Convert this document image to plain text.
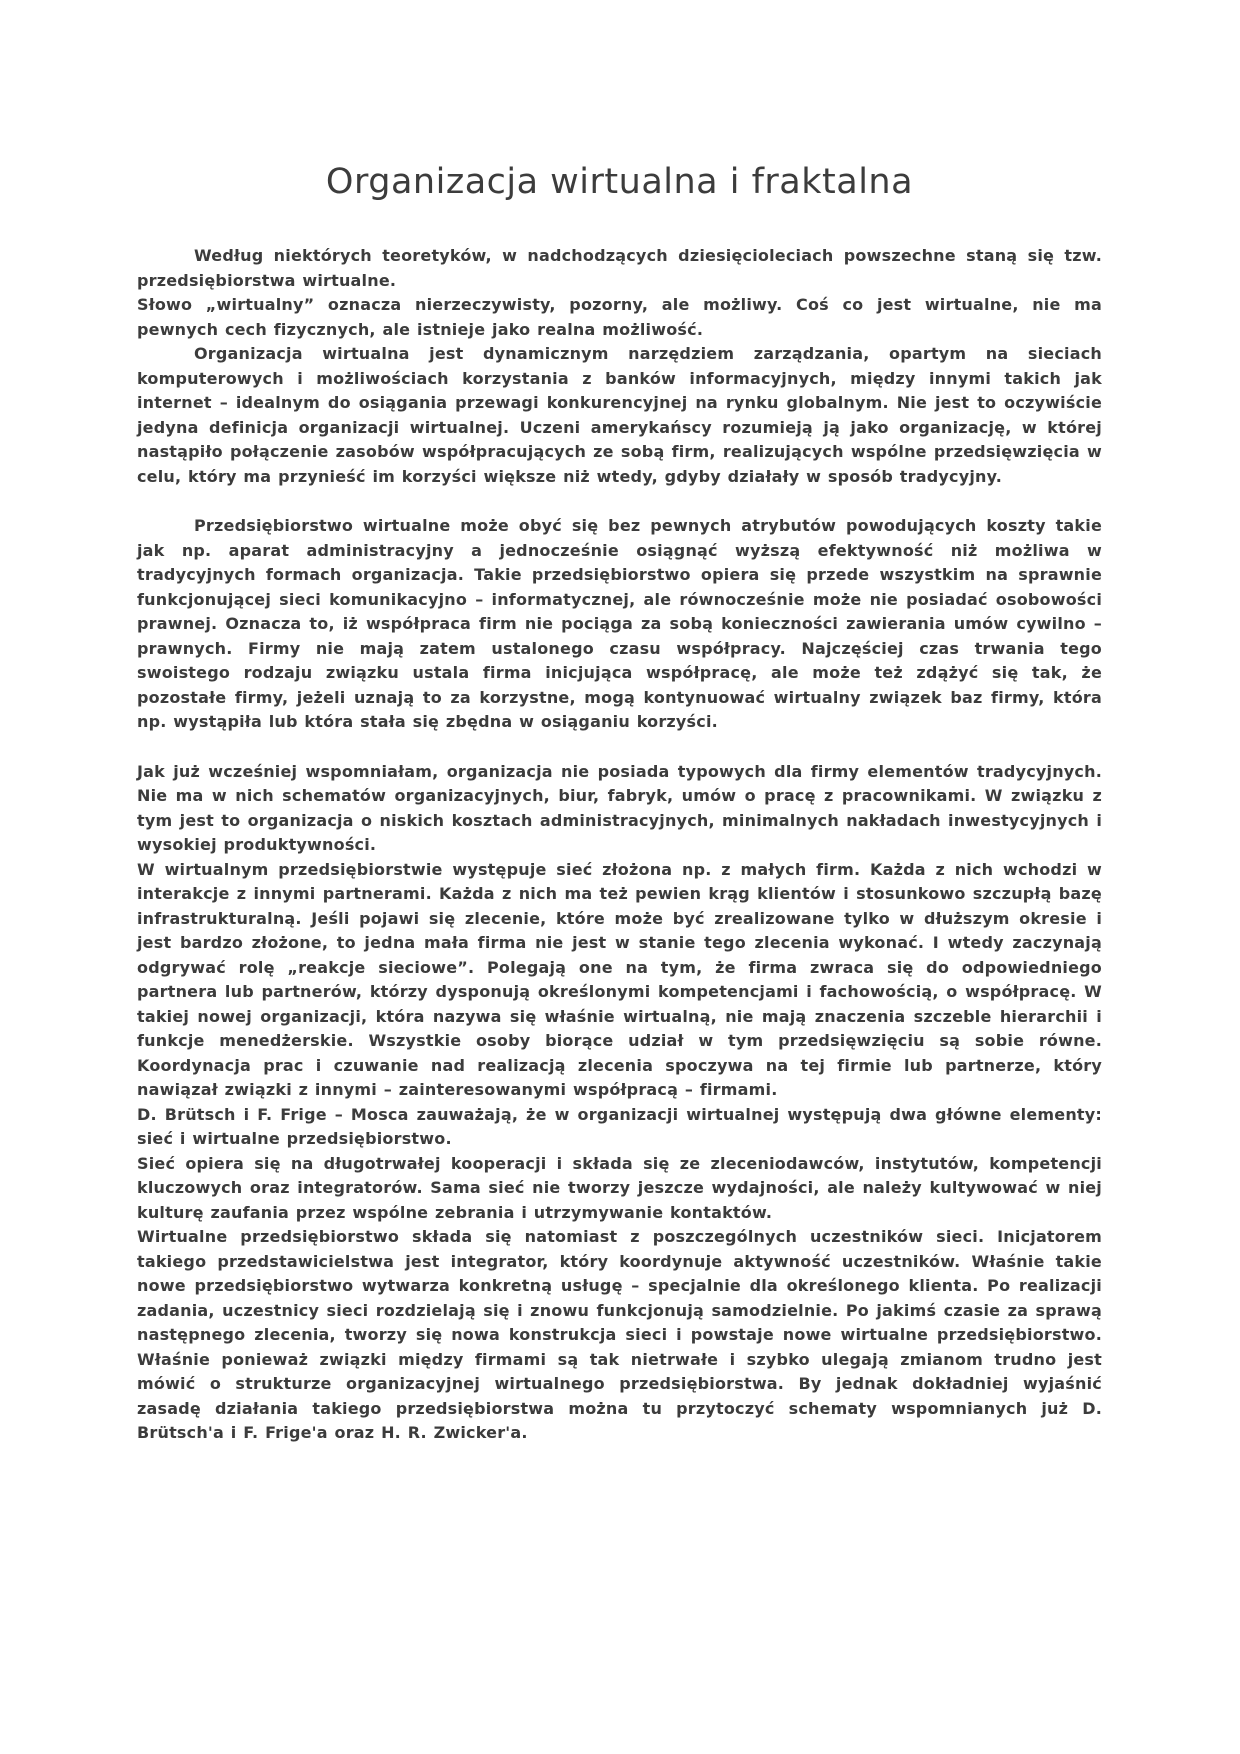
Organizacja wirtualna i fraktalna

Według niektórych teoretyków, w nadchodzących dziesięcioleciach powszechne staną się tzw. przedsiębiorstwa wirtualne.

Słowo „wirtualny” oznacza nierzeczywisty, pozorny, ale możliwy. Coś co jest wirtualne, nie ma pewnych cech fizycznych, ale istnieje jako realna możliwość.

Organizacja wirtualna jest dynamicznym narzędziem zarządzania, opartym na sieciach komputerowych i możliwościach korzystania z banków informacyjnych, między innymi takich jak internet – idealnym do osiągania przewagi konkurencyjnej na rynku globalnym. Nie jest to oczywiście jedyna definicja organizacji wirtualnej. Uczeni amerykańscy rozumieją ją jako organizację, w której nastąpiło połączenie zasobów współpracujących ze sobą firm, realizujących wspólne przedsięwzięcia w celu, który ma przynieść im korzyści większe niż wtedy, gdyby działały w sposób tradycyjny.

Przedsiębiorstwo wirtualne może obyć się bez pewnych atrybutów powodujących koszty takie jak np. aparat administracyjny a jednocześnie osiągnąć wyższą efektywność niż możliwa w tradycyjnych formach organizacja. Takie przedsiębiorstwo opiera się przede wszystkim na sprawnie funkcjonującej sieci komunikacyjno – informatycznej, ale równocześnie może nie posiadać osobowości prawnej. Oznacza to, iż współpraca firm nie pociąga za sobą konieczności zawierania umów cywilno – prawnych. Firmy nie mają zatem ustalonego czasu współpracy. Najczęściej czas trwania tego swoistego rodzaju związku ustala firma inicjująca współpracę, ale może też zdążyć się tak, że pozostałe firmy, jeżeli uznają to za korzystne, mogą kontynuować wirtualny związek baz firmy, która np. wystąpiła lub która stała się zbędna w osiąganiu korzyści.

Jak już wcześniej wspomniałam, organizacja nie posiada typowych dla firmy elementów tradycyjnych. Nie ma w nich schematów organizacyjnych, biur, fabryk, umów o pracę z pracownikami. W związku z tym jest to organizacja o niskich kosztach administracyjnych, minimalnych nakładach inwestycyjnych i wysokiej produktywności.

W wirtualnym przedsiębiorstwie występuje sieć złożona np. z małych firm. Każda z nich wchodzi w interakcje z innymi partnerami. Każda z nich ma też pewien krąg klientów i stosunkowo szczupłą bazę infrastrukturalną. Jeśli pojawi się zlecenie, które może być zrealizowane tylko w dłuższym okresie i jest bardzo złożone, to jedna mała firma nie jest w stanie tego zlecenia wykonać. I wtedy zaczynają odgrywać rolę „reakcje sieciowe”. Polegają one na tym, że firma zwraca się do odpowiedniego partnera lub partnerów, którzy dysponują określonymi kompetencjami i fachowością, o współpracę. W takiej nowej organizacji, która nazywa się właśnie wirtualną, nie mają znaczenia szczeble hierarchii i funkcje menedżerskie. Wszystkie osoby biorące udział w tym przedsięwzięciu są sobie równe. Koordynacja prac i czuwanie nad realizacją zlecenia spoczywa na tej firmie lub partnerze, który nawiązał związki z innymi – zainteresowanymi współpracą – firmami.

D. Brütsch i F. Frige – Mosca zauważają, że w organizacji wirtualnej występują dwa główne elementy: sieć i wirtualne przedsiębiorstwo.

Sieć opiera się na długotrwałej kooperacji i składa się ze zleceniodawców, instytutów, kompetencji kluczowych oraz integratorów. Sama sieć nie tworzy jeszcze wydajności, ale należy kultywować w niej kulturę zaufania przez wspólne zebrania i utrzymywanie kontaktów.

Wirtualne przedsiębiorstwo składa się natomiast z poszczególnych uczestników sieci. Inicjatorem takiego przedstawicielstwa jest integrator, który koordynuje aktywność uczestników. Właśnie takie nowe przedsiębiorstwo wytwarza konkretną usługę – specjalnie dla określonego klienta. Po realizacji zadania, uczestnicy sieci rozdzielają się i znowu funkcjonują samodzielnie. Po jakimś czasie za sprawą następnego zlecenia, tworzy się nowa konstrukcja sieci i powstaje nowe wirtualne przedsiębiorstwo. Właśnie ponieważ związki między firmami są tak nietrwałe i szybko ulegają zmianom trudno jest mówić o strukturze organizacyjnej wirtualnego przedsiębiorstwa. By jednak dokładniej wyjaśnić zasadę działania takiego przedsiębiorstwa można tu przytoczyć schematy wspomnianych już D. Brütsch'a i F. Frige'a oraz H. R. Zwicker'a.
